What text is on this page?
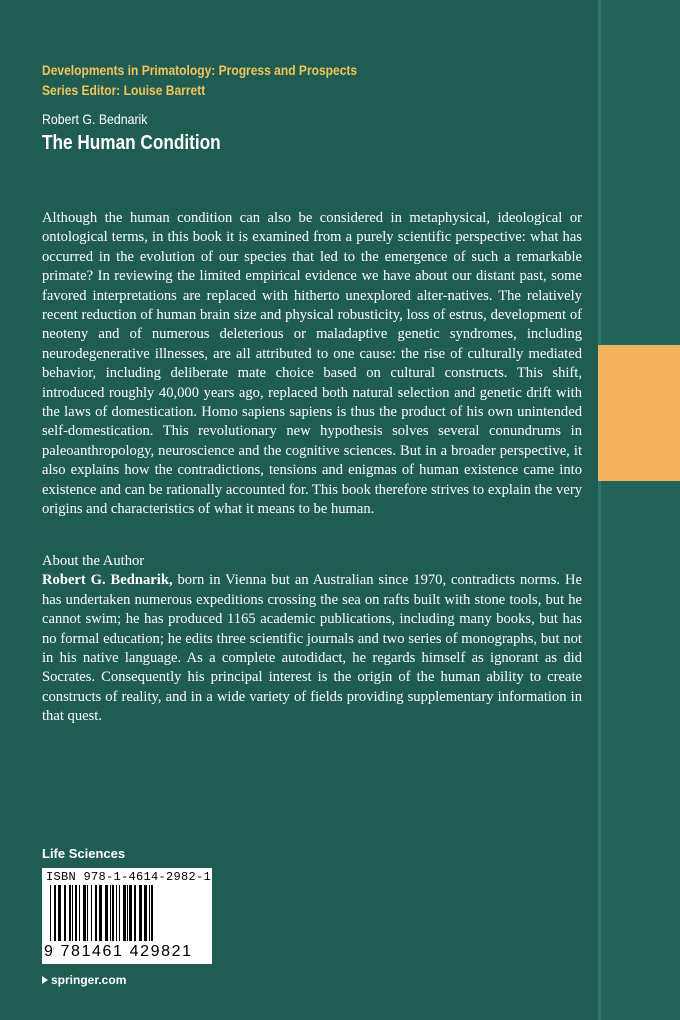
Developments in Primatology: Progress and Prospects
Series Editor: Louise Barrett
Robert G. Bednarik
The Human Condition

Although the human condition can also be considered in metaphysical, ideological or ontological terms, in this book it is examined from a purely scientific perspective: what has occurred in the evolution of our species that led to the emergence of such a remarkable primate? In reviewing the limited empirical evidence we have about our distant past, some favored interpretations are replaced with hitherto unexplored alter-natives. The relatively recent reduction of human brain size and physical robusticity, loss of estrus, development of neoteny and of numerous deleterious or maladaptive genetic syndromes, including neurodegenerative illnesses, are all attributed to one cause: the rise of culturally mediated behavior, including deliberate mate choice based on cultural constructs. This shift, introduced roughly 40,000 years ago, replaced both natural selection and genetic drift with the laws of domestication. Homo sapiens sapiens is thus the product of his own unintended self-domestication. This revolutionary new hypothesis solves several conundrums in paleoanthropology, neuroscience and the cognitive sciences. But in a broader perspective, it also explains how the contradictions, tensions and enigmas of human existence came into existence and can be rationally accounted for. This book therefore strives to explain the very origins and characteristics of what it means to be human.

About the Author

Robert G. Bednarik, born in Vienna but an Australian since 1970, contradicts norms. He has undertaken numerous expeditions crossing the sea on rafts built with stone tools, but he cannot swim; he has produced 1165 academic publications, including many books, but has no formal education; he edits three scientific journals and two series of monographs, but not in his native language. As a complete autodidact, he regards himself as ignorant as did Socrates. Consequently his principal interest is the origin of the human ability to create constructs of reality, and in a wide variety of fields providing supplementary information in that quest.

Life Sciences
ISBN 978-1-4614-2982-1
9 781461 429821
springer.com
